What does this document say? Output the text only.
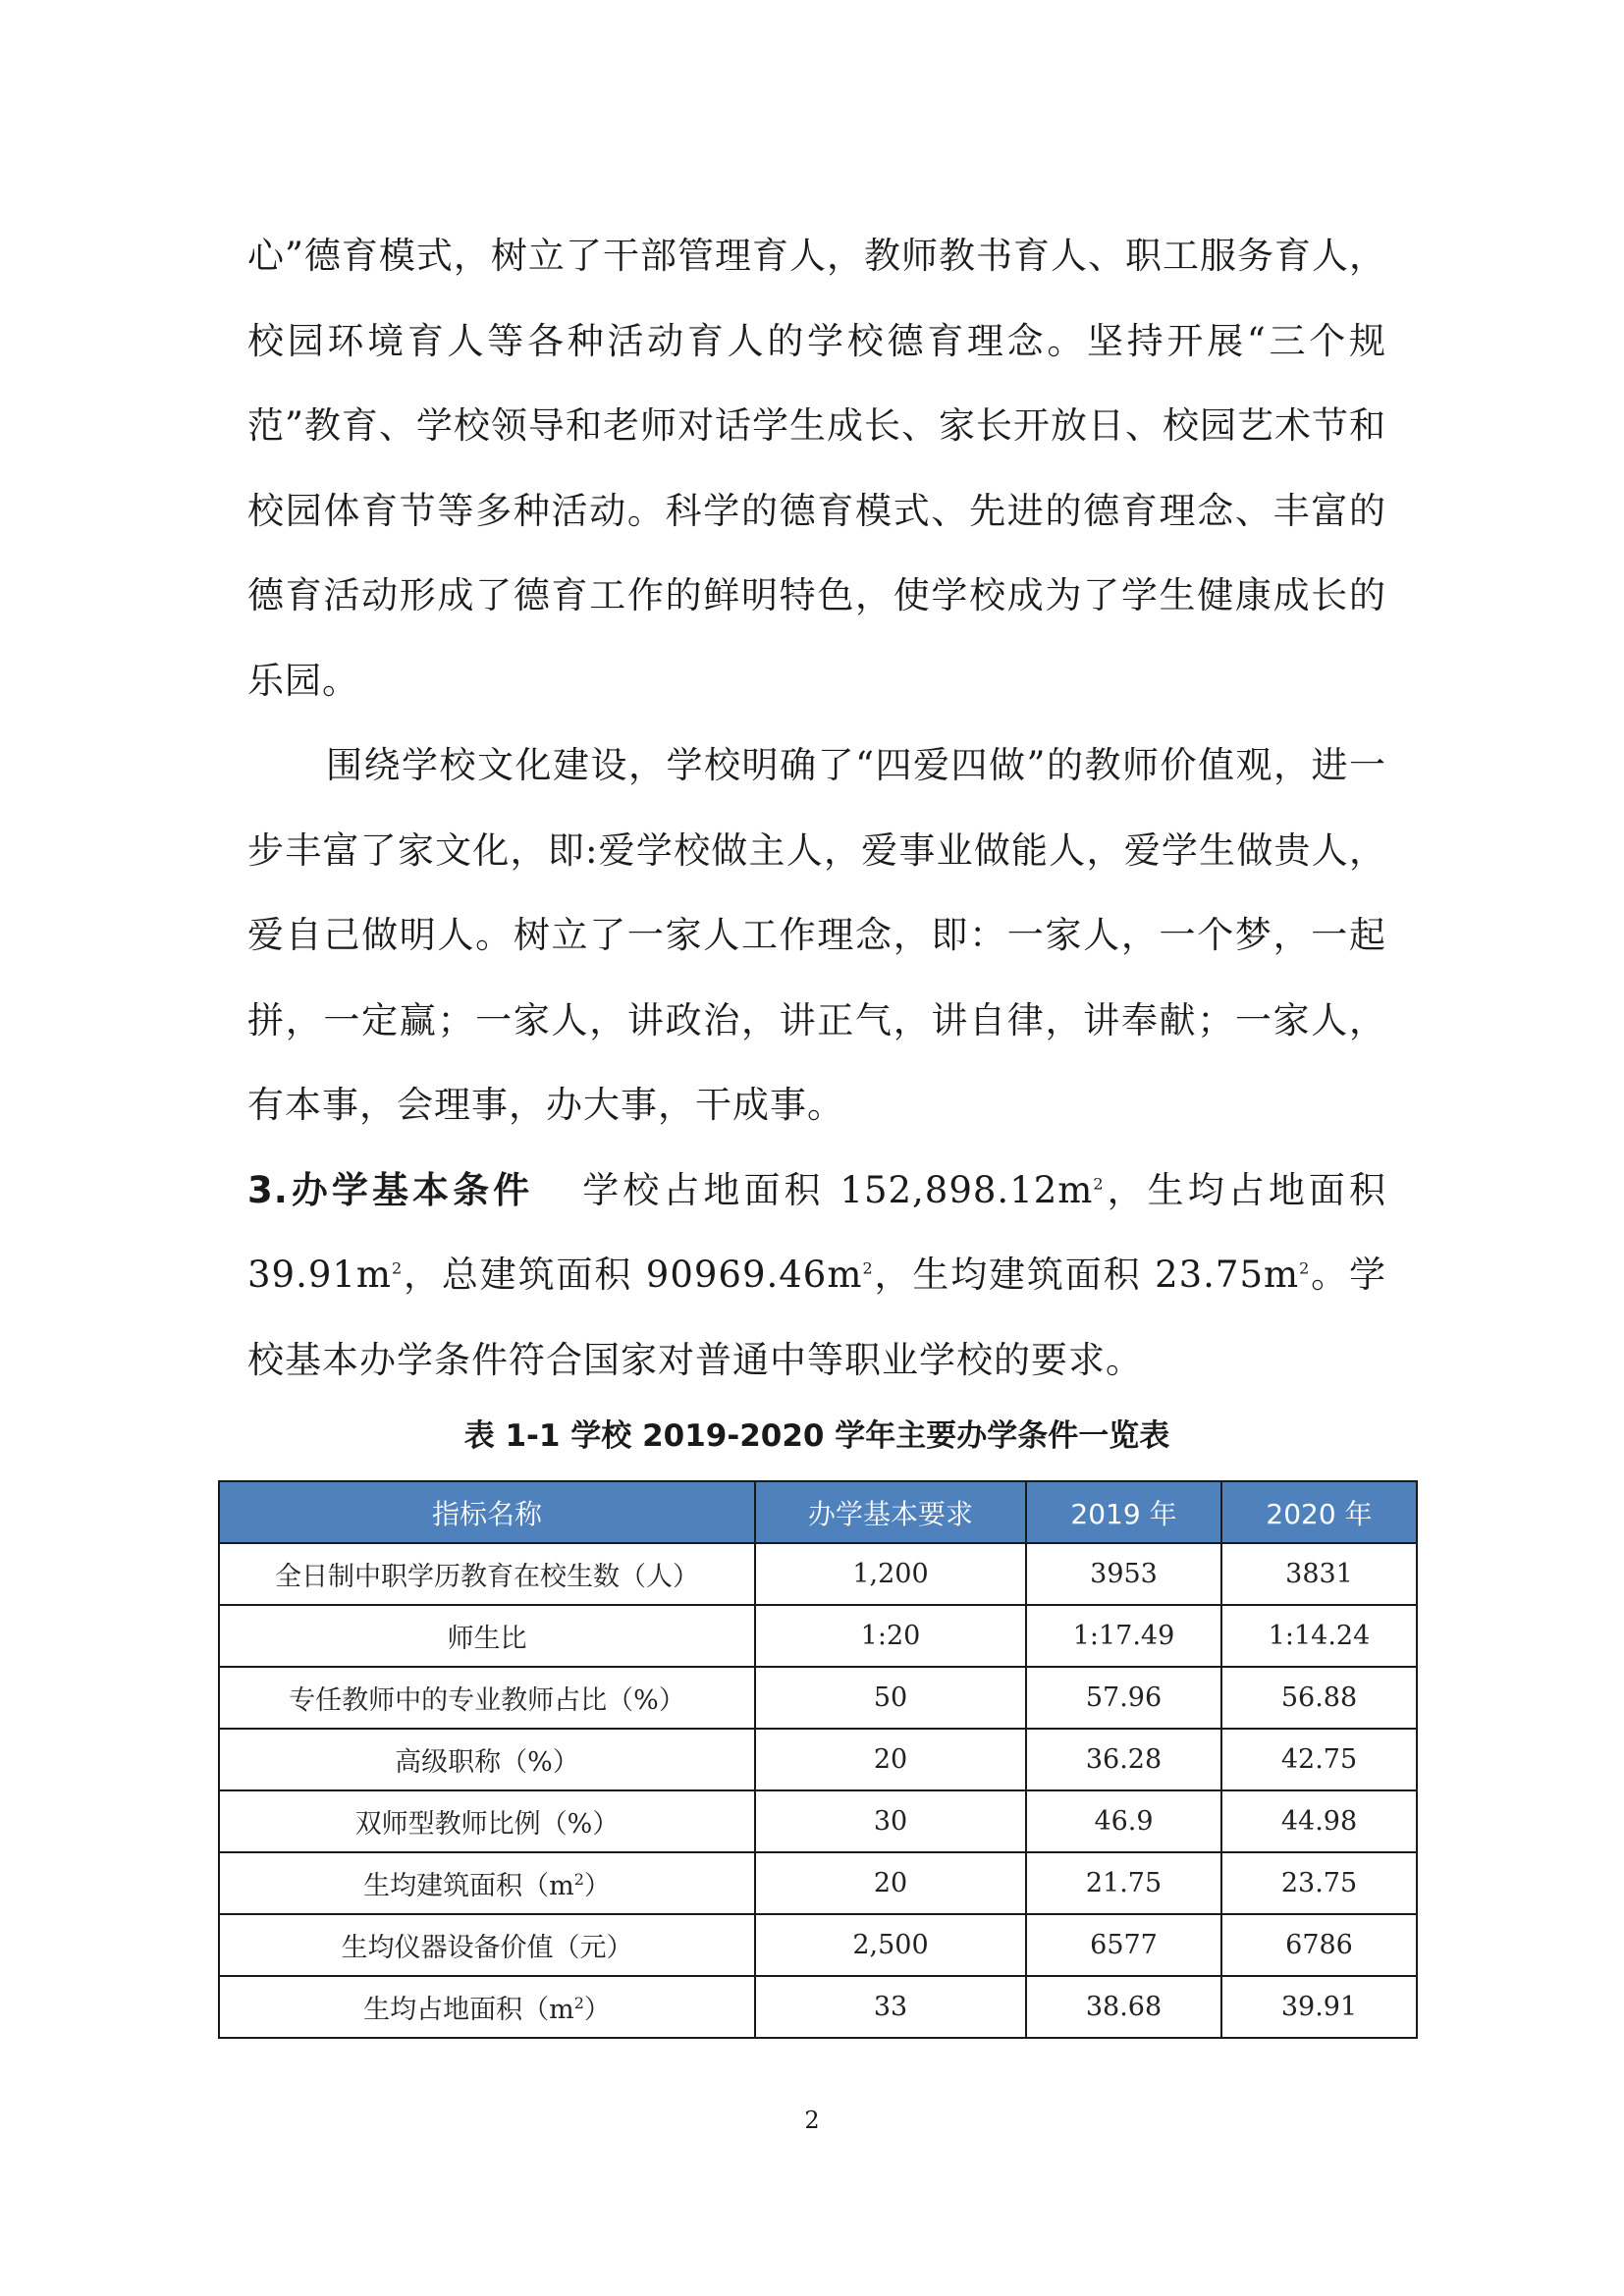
心”德育模式，树立了干部管理育人，教师教书育人、职工服务育人，校园环境育人等各种活动育人的学校德育理念。坚持开展“三个规范”教育、学校领导和老师对话学生成长、家长开放日、校园艺术节和校园体育节等多种活动。科学的德育模式、先进的德育理念、丰富的德育活动形成了德育工作的鲜明特色，使学校成为了学生健康成长的乐园。

围绕学校文化建设，学校明确了“四爱四做”的教师价值观，进一步丰富了家文化，即:爱学校做主人，爱事业做能人，爱学生做贵人，爱自己做明人。树立了一家人工作理念，即：一家人，一个梦，一起拼，一定赢；一家人，讲政治，讲正气，讲自律，讲奉献；一家人，有本事，会理事，办大事，干成事。

3.办学基本条件 学校占地面积 $152,898.12m^2$，生均占地面积 $39.91m^2$，总建筑面积 $90969.46m^2$，生均建筑面积 $23.75m^2$。学校基本办学条件符合国家对普通中等职业学校的要求。

表 1-1 学校 2019-2020 学年主要办学条件一览表
指标名称	办学基本要求	2019 年	2020 年
全日制中职学历教育在校生数（人）	1,200	3953	3831
师生比	1:20	1:17.49	1:14.24
专任教师中的专业教师占比（%）	50	57.96	56.88
高级职称（%）	20	36.28	42.75
双师型教师比例（%）	30	46.9	44.98
生均建筑面积$(m^2)$	20	21.75	23.75
生均仪器设备价值（元）	2,500	6577	6786
生均占地面积$(m^2)$	33	38.68	39.91
2
